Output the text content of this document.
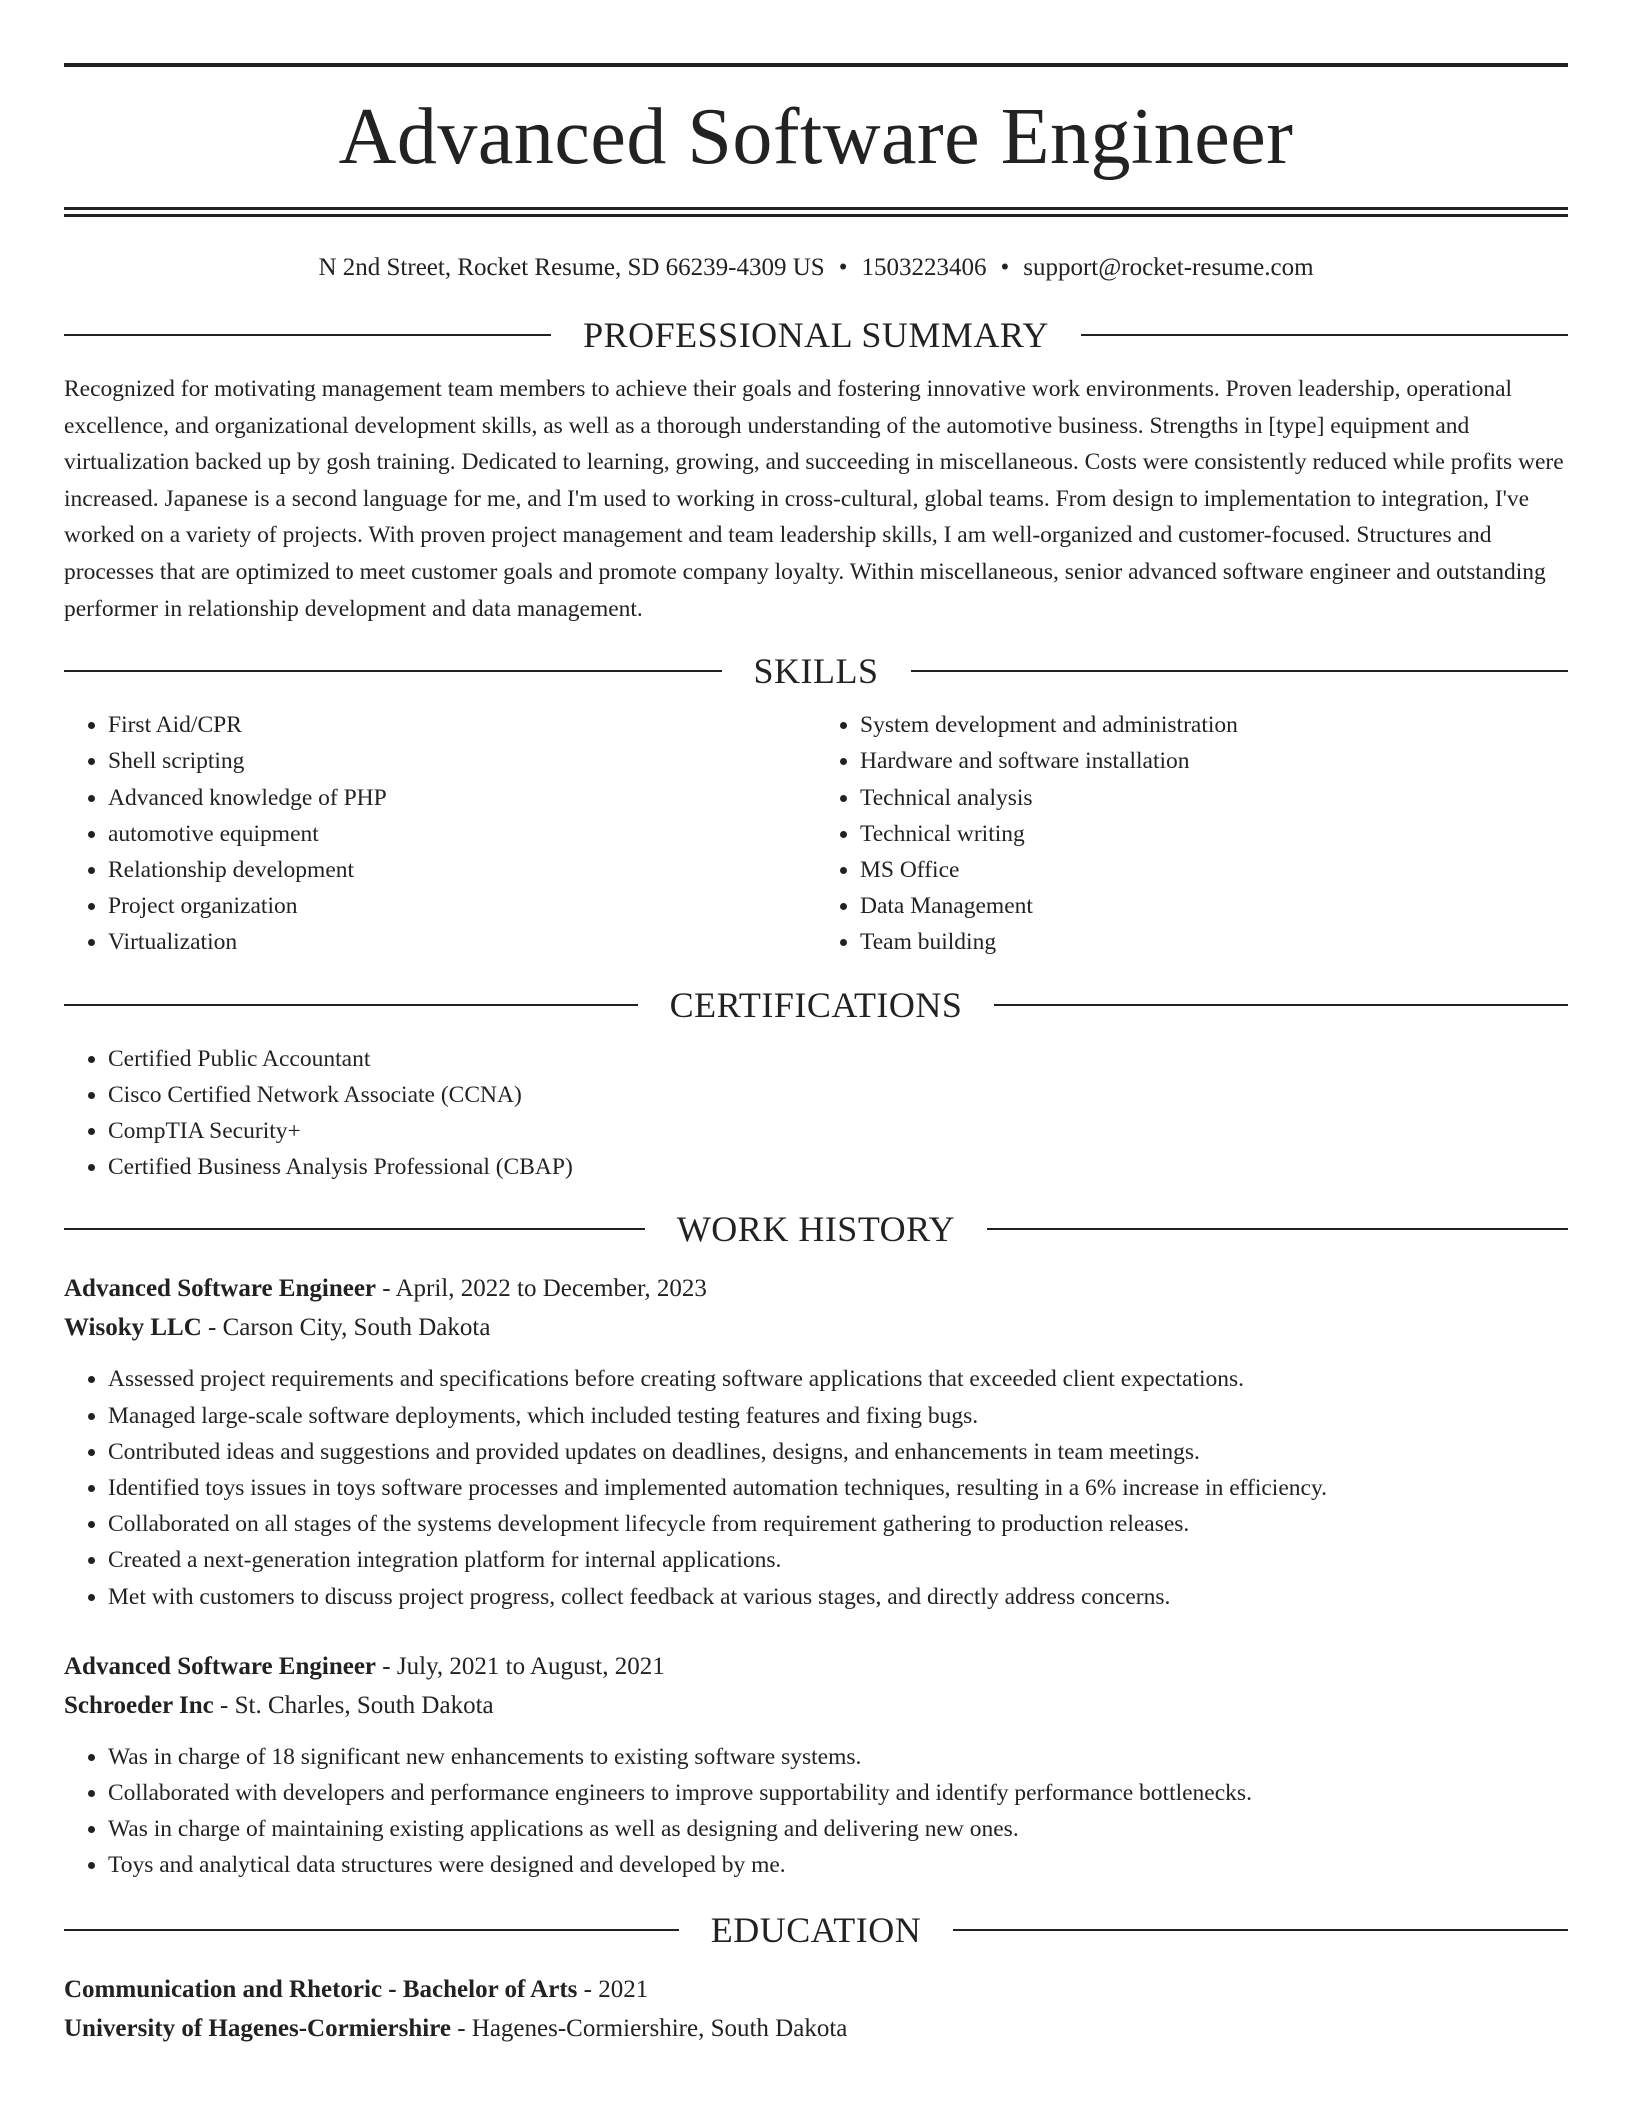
Advanced Software Engineer
N 2nd Street, Rocket Resume, SD 66239-4309 US • 1503223406 • support@rocket-resume.com
PROFESSIONAL SUMMARY

Recognized for motivating management team members to achieve their goals and fostering innovative work environments. Proven leadership, operational excellence, and organizational development skills, as well as a thorough understanding of the automotive business. Strengths in [type] equipment and virtualization backed up by gosh training. Dedicated to learning, growing, and succeeding in miscellaneous. Costs were consistently reduced while profits were increased. Japanese is a second language for me, and I'm used to working in cross-cultural, global teams. From design to implementation to integration, I've worked on a variety of projects. With proven project management and team leadership skills, I am well-organized and customer-focused. Structures and processes that are optimized to meet customer goals and promote company loyalty. Within miscellaneous, senior advanced software engineer and outstanding performer in relationship development and data management.

SKILLS
• First Aid/CPR
• Shell scripting
• Advanced knowledge of PHP
• automotive equipment
• Relationship development
• Project organization
• Virtualization
• System development and administration
• Hardware and software installation
• Technical analysis
• Technical writing
• MS Office
• Data Management
• Team building
CERTIFICATIONS
• Certified Public Accountant
• Cisco Certified Network Associate (CCNA)
• CompTIA Security+
• Certified Business Analysis Professional (CBAP)
WORK HISTORY
Advanced Software Engineer - April, 2022 to December, 2023
Wisoky LLC - Carson City, South Dakota
• Assessed project requirements and specifications before creating software applications that exceeded client expectations.
• Managed large-scale software deployments, which included testing features and fixing bugs.
• Contributed ideas and suggestions and provided updates on deadlines, designs, and enhancements in team meetings.
• Identified toys issues in toys software processes and implemented automation techniques, resulting in a 6% increase in efficiency.
• Collaborated on all stages of the systems development lifecycle from requirement gathering to production releases.
• Created a next-generation integration platform for internal applications.
• Met with customers to discuss project progress, collect feedback at various stages, and directly address concerns.
Advanced Software Engineer - July, 2021 to August, 2021
Schroeder Inc - St. Charles, South Dakota
• Was in charge of 18 significant new enhancements to existing software systems.
• Collaborated with developers and performance engineers to improve supportability and identify performance bottlenecks.
• Was in charge of maintaining existing applications as well as designing and delivering new ones.
• Toys and analytical data structures were designed and developed by me.
EDUCATION
Communication and Rhetoric - Bachelor of Arts - 2021
University of Hagenes-Cormiershire - Hagenes-Cormiershire, South Dakota
